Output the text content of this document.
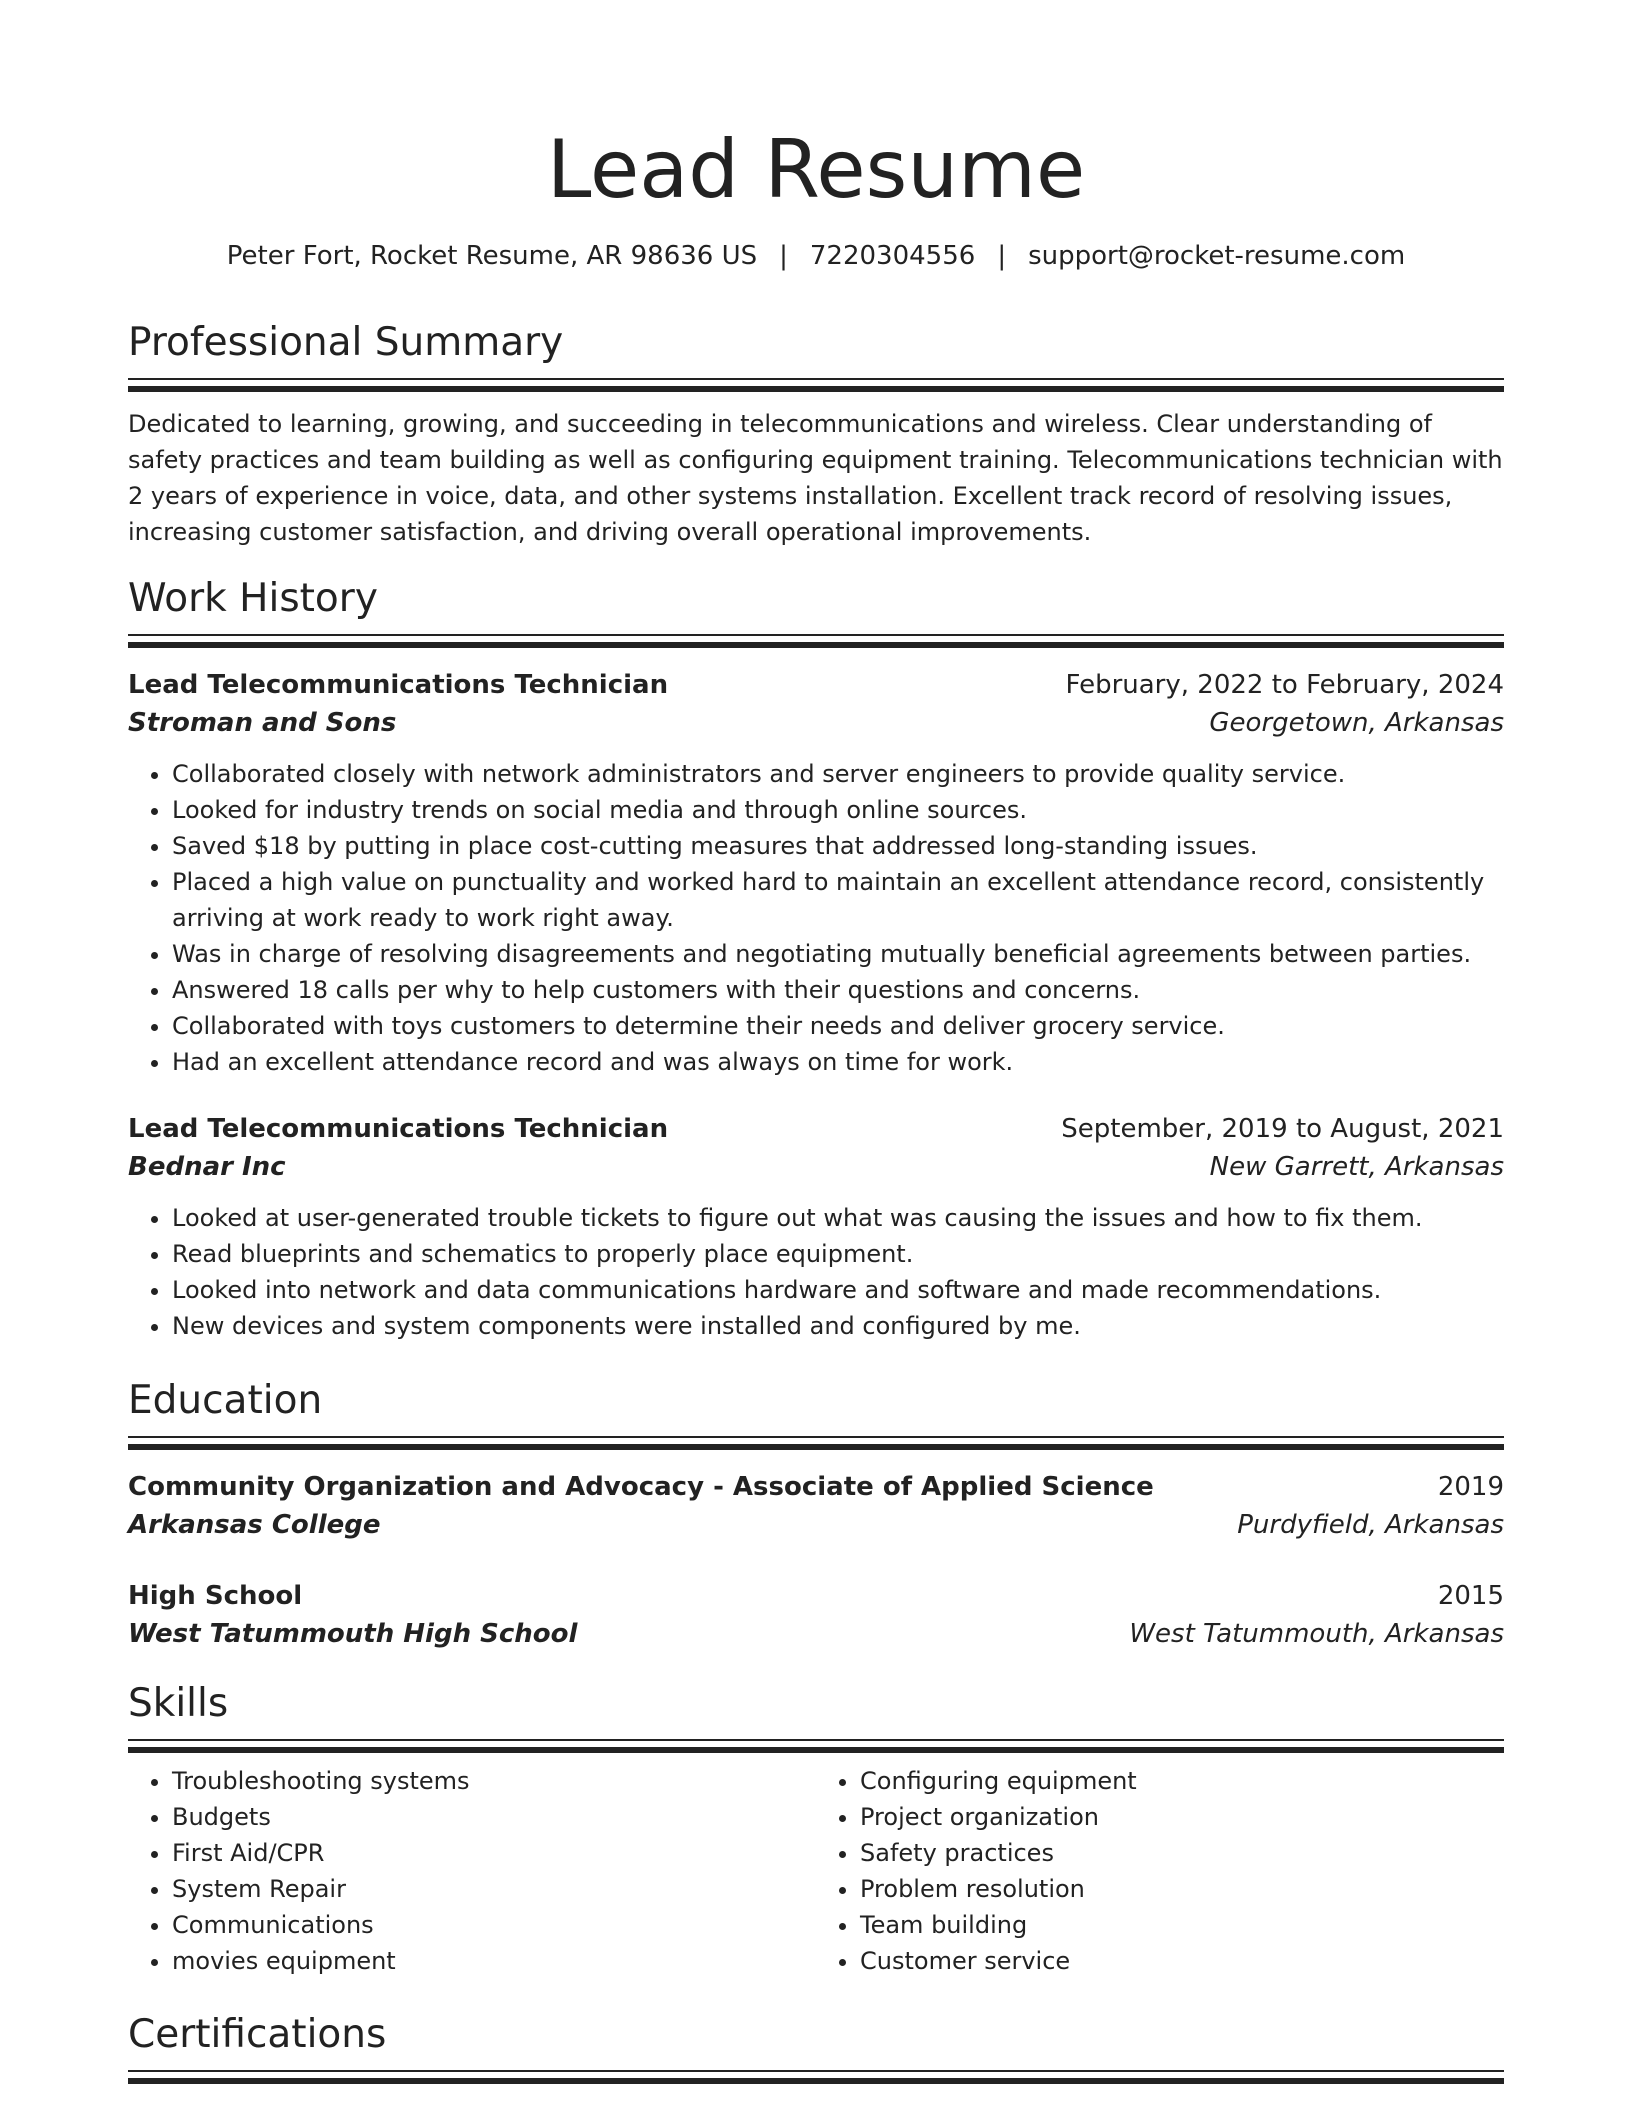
Lead Resume
Peter Fort, Rocket Resume, AR 98636 US | 7220304556 | support@rocket-resume.com
Professional Summary
Dedicated to learning, growing, and succeeding in telecommunications and wireless. Clear understanding of safety practices and team building as well as configuring equipment training. Telecommunications technician with 2 years of experience in voice, data, and other systems installation. Excellent track record of resolving issues, increasing customer satisfaction, and driving overall operational improvements.
Work History
Lead Telecommunications Technician	February, 2022 to February, 2024
Stroman and Sons	Georgetown, Arkansas
• Collaborated closely with network administrators and server engineers to provide quality service.
• Looked for industry trends on social media and through online sources.
• Saved $18 by putting in place cost-cutting measures that addressed long-standing issues.
• Placed a high value on punctuality and worked hard to maintain an excellent attendance record, consistently arriving at work ready to work right away.
• Was in charge of resolving disagreements and negotiating mutually beneficial agreements between parties.
• Answered 18 calls per why to help customers with their questions and concerns.
• Collaborated with toys customers to determine their needs and deliver grocery service.
• Had an excellent attendance record and was always on time for work.
Lead Telecommunications Technician	September, 2019 to August, 2021
Bednar Inc	New Garrett, Arkansas
• Looked at user-generated trouble tickets to figure out what was causing the issues and how to fix them.
• Read blueprints and schematics to properly place equipment.
• Looked into network and data communications hardware and software and made recommendations.
• New devices and system components were installed and configured by me.
Education
Community Organization and Advocacy - Associate of Applied Science	2019
Arkansas College	Purdyfield, Arkansas
High School	2015
West Tatummouth High School	West Tatummouth, Arkansas
Skills
• Troubleshooting systems
• Budgets
• First Aid/CPR
• System Repair
• Communications
• movies equipment
• Configuring equipment
• Project organization
• Safety practices
• Problem resolution
• Team building
• Customer service
Certifications
